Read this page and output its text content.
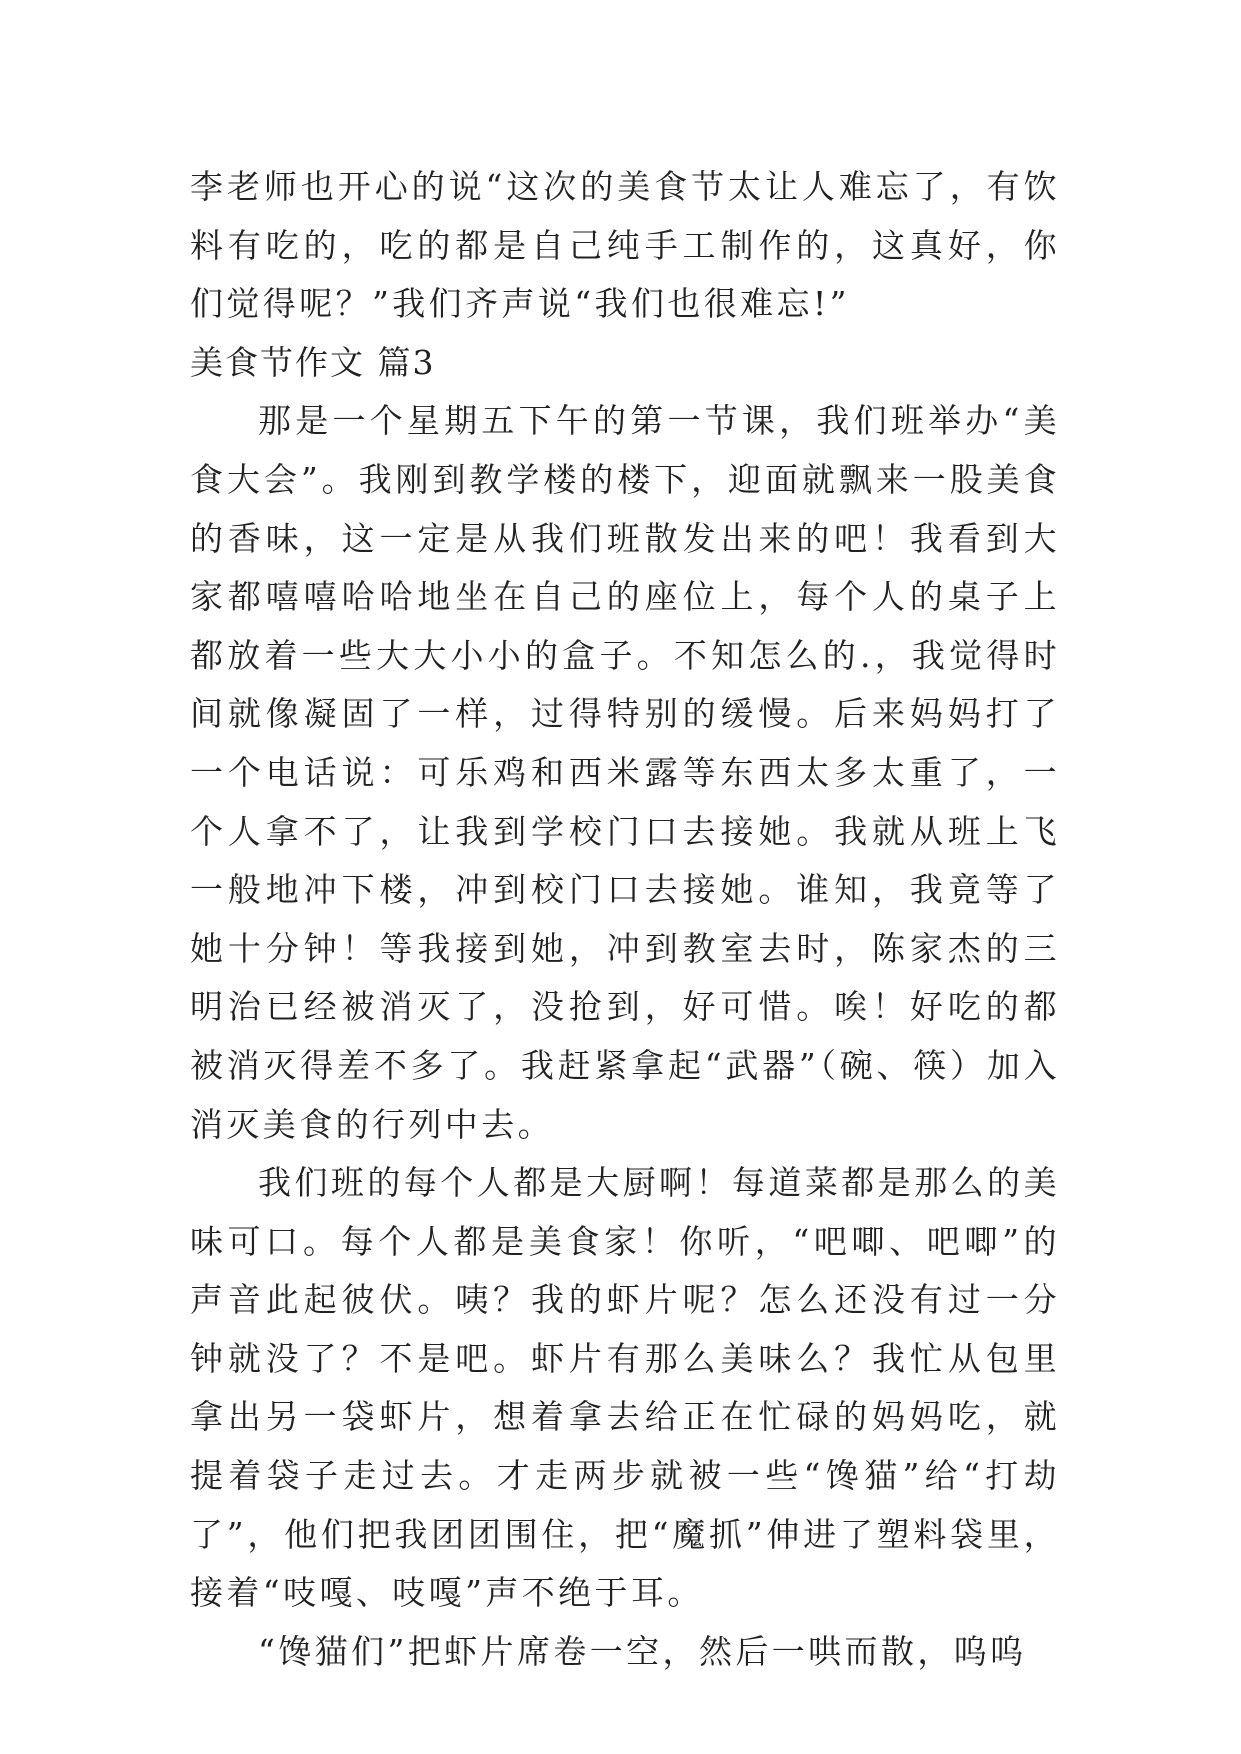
李老师也开心的说“这次的美食节太让人难忘了，有饮料有吃的，吃的都是自己纯手工制作的，这真好，你们觉得呢？”我们齐声说“我们也很难忘!”

美食节作文 篇3

那是一个星期五下午的第一节课，我们班举办“美食大会”。我刚到教学楼的楼下，迎面就飘来一股美食的香味，这一定是从我们班散发出来的吧！我看到大家都嘻嘻哈哈地坐在自己的座位上，每个人的桌子上都放着一些大大小小的盒子。不知怎么的.，我觉得时间就像凝固了一样，过得特别的缓慢。后来妈妈打了一个电话说：可乐鸡和西米露等东西太多太重了，一个人拿不了，让我到学校门口去接她。我就从班上飞一般地冲下楼，冲到校门口去接她。谁知，我竟等了她十分钟！等我接到她，冲到教室去时，陈家杰的三明治已经被消灭了，没抢到，好可惜。唉！好吃的都被消灭得差不多了。我赶紧拿起“武器”（碗、筷）加入消灭美食的行列中去。

我们班的每个人都是大厨啊！每道菜都是那么的美味可口。每个人都是美食家！你听，“吧唧、吧唧”的声音此起彼伏。咦？我的虾片呢？怎么还没有过一分钟就没了？不是吧。虾片有那么美味么？我忙从包里拿出另一袋虾片，想着拿去给正在忙碌的妈妈吃，就提着袋子走过去。才走两步就被一些“馋猫”给“打劫了”，他们把我团团围住，把“魔抓”伸进了塑料袋里，接着“吱嘎、吱嘎”声不绝于耳。

“馋猫们”把虾片席卷一空，然后一哄而散，呜呜
